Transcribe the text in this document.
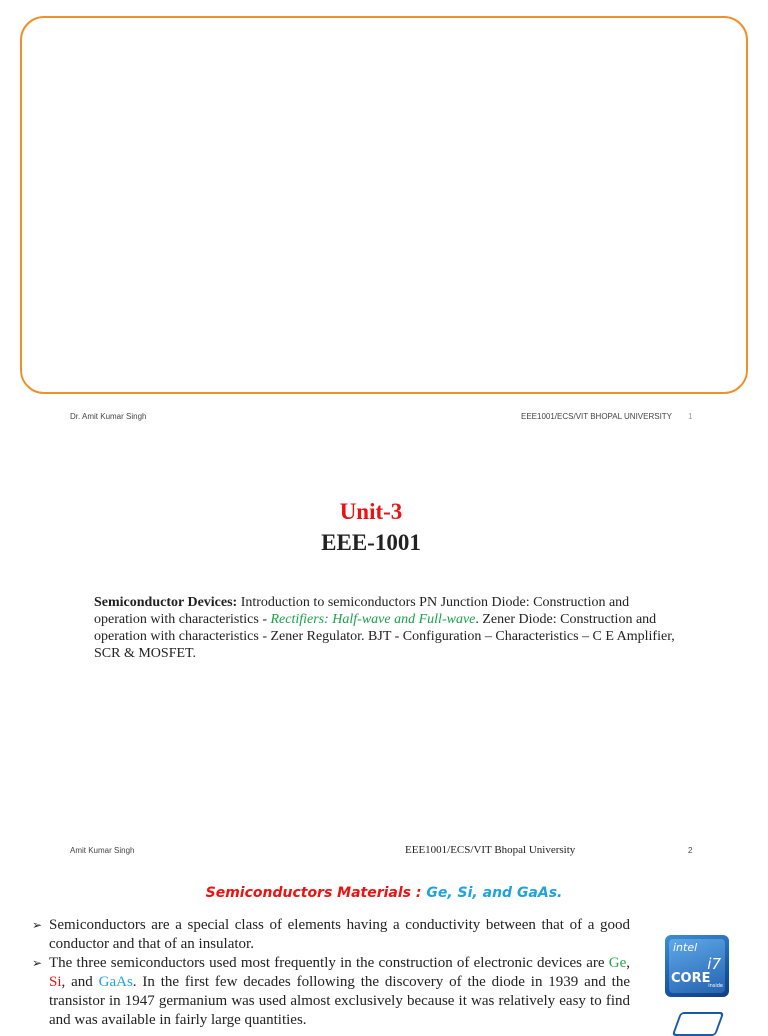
Dr. Amit Kumar Singh	EEE1001/ECS/VIT BHOPAL UNIVERSITY 1
Unit-3
EEE-1001
Semiconductor Devices: Introduction to semiconductors PN Junction Diode: Construction and operation with characteristics - Rectifiers: Half-wave and Full-wave. Zener Diode: Construction and operation with characteristics - Zener Regulator. BJT - Configuration – Characteristics – C E Amplifier, SCR & MOSFET.
Amit Kumar Singh	EEE1001/ECS/VIT Bhopal University	2
Semiconductors Materials : Ge, Si, and GaAs.
➢ Semiconductors are a special class of elements having a conductivity between that of a good conductor and that of an insulator.
➢ The three semiconductors used most frequently in the construction of electronic devices are Ge, Si, and GaAs. In the first few decades following the discovery of the diode in 1939 and the transistor in 1947 germanium was used almost exclusively because it was relatively easy to find and was available in fairly large quantities.
intel
i7
CORE
inside
